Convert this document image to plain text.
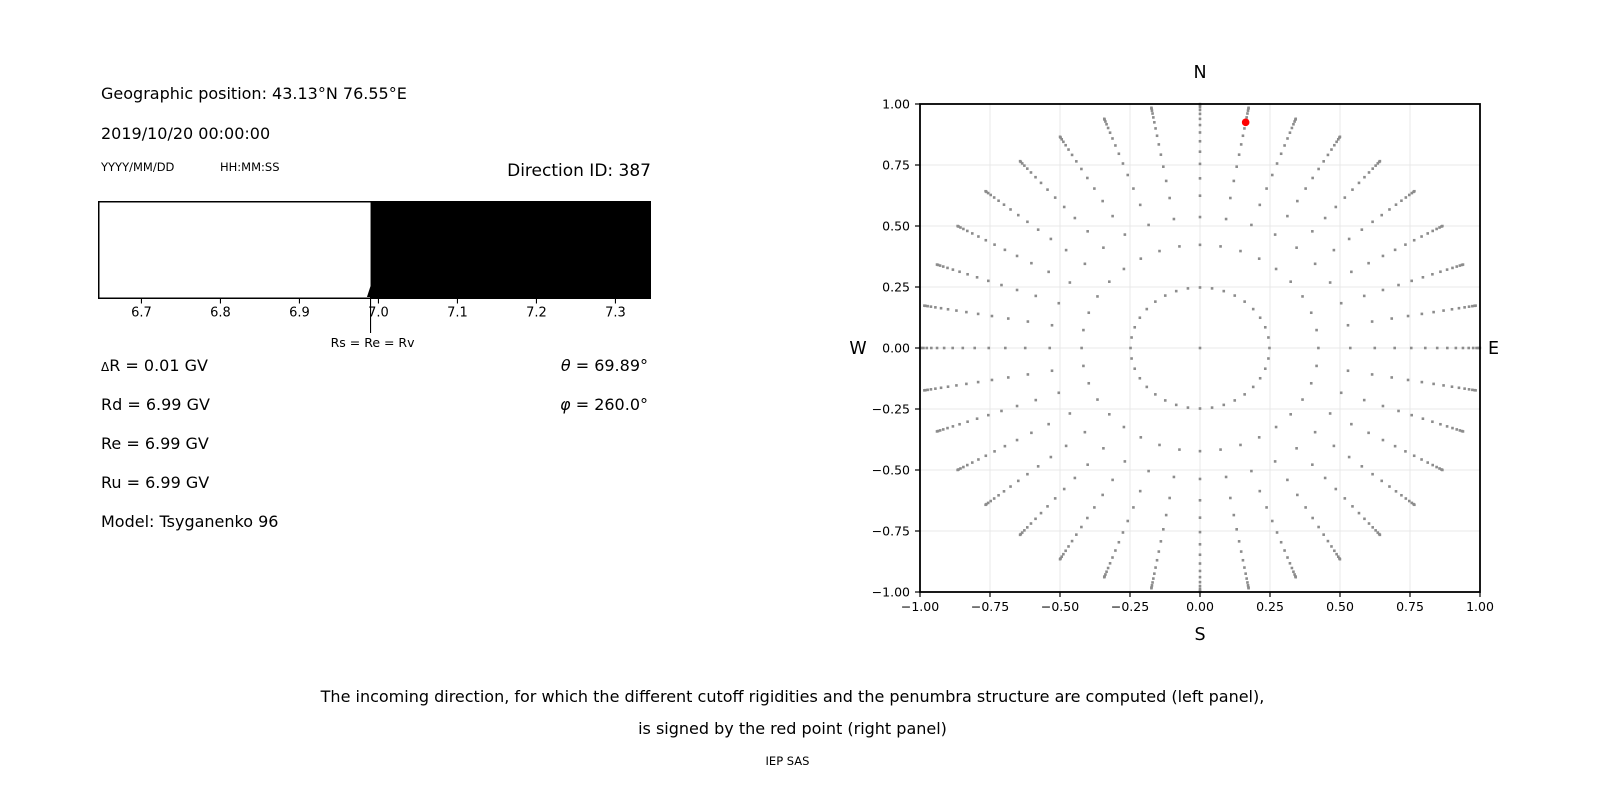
Geographic position: 43.13°N 76.55°E
2019/10/20 00:00:00
YYYY/MM/DD	HH:MM:SS	Direction ID: 387
6.7	6.8	6.9	7.0	7.1	7.2	7.3
Rs = Re = Rv
ΔR = 0.01 GV
Rd = 6.99 GV
Re = 6.99 GV
Ru = 6.99 GV
Model: Tsyganenko 96
θ = 69.89°
φ = 260.0°
−1.00	−0.75	−0.50	−0.25	0.00	0.25	0.50	0.75	1.00
1.00
0.75
0.50
0.25
0.00
−0.25
−0.50
−0.75
−1.00
N
S
W	E
The incoming direction, for which the different cutoff rigidities and the penumbra structure are computed (left panel),
is signed by the red point (right panel)
IEP SAS
